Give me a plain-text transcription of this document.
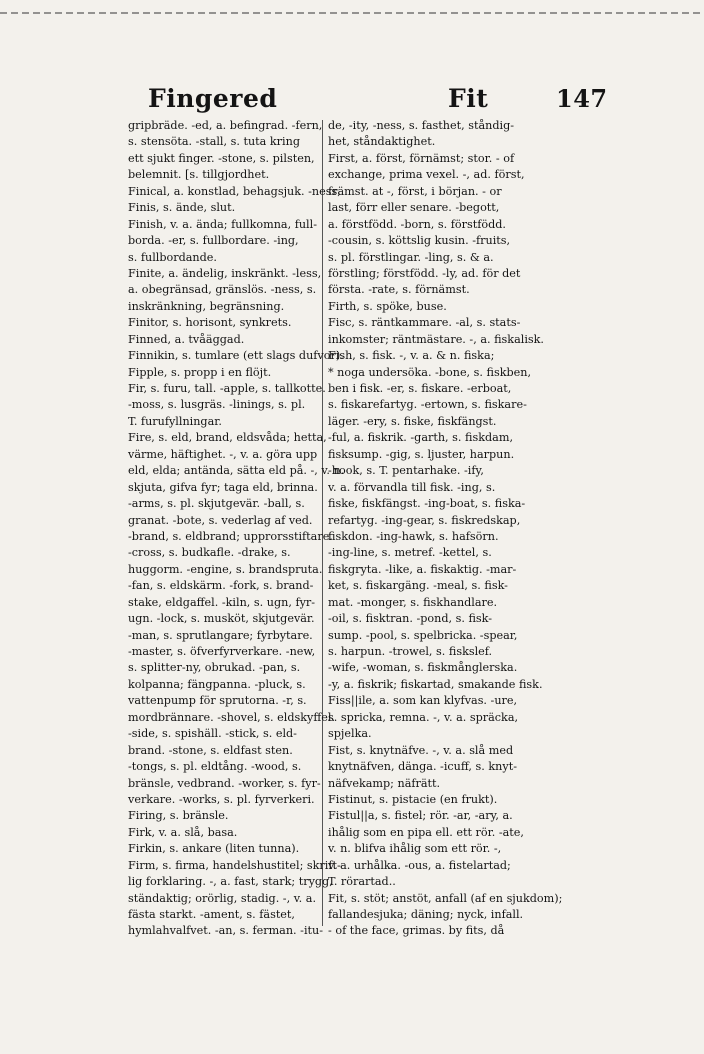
Fingered	Fit	147
gripbräde. -ed, a. befingrad. -fern,
s. stensöta. -stall, s. tuta kring
ett sjukt finger. -stone, s. pilsten,
belemnit. [s. tillgjordhet.
Finical, a. konstlad, behagsjuk. -ness,
Finis, s. ände, slut.
Finish, v. a. ända; fullkomna, full-
borda. -er, s. fullbordare. -ing,
s. fullbordande.
Finite, a. ändelig, inskränkt. -less,
a. obegränsad, gränslös. -ness, s.
inskränkning, begränsning.
Finitor, s. horisont, synkrets.
Finned, a. tvåäggad.
Finnikin, s. tumlare (ett slags dufvor).
Fipple, s. propp i en flöjt.
Fir, s. furu, tall. -apple, s. tallkotte.
-moss, s. lusgräs. -linings, s. pl.
T. furufyllningar.
Fire, s. eld, brand, eldsvåda; hetta,
värme, häftighet. -, v. a. göra upp
eld, elda; antända, sätta eld på. -, v. n.
skjuta, gifva fyr; taga eld, brinna.
-arms, s. pl. skjutgevär. -ball, s.
granat. -bote, s. vederlag af ved.
-brand, s. eldbrand; upprorsstiftare.
-cross, s. budkafle. -drake, s.
huggorm. -engine, s. brandspruta.
-fan, s. eldskärm. -fork, s. brand-
stake, eldgaffel. -kiln, s. ugn, fyr-
ugn. -lock, s. musköt, skjutgevär.
-man, s. sprutlangare; fyrbytare.
-master, s. öfverfyrverkare. -new,
s. splitter-ny, obrukad. -pan, s.
kolpanna; fängpanna. -pluck, s.
vattenpump för sprutorna. -r, s.
mordbrännare. -shovel, s. eldskyffel.
-side, s. spishäll. -stick, s. eld-
brand. -stone, s. eldfast sten.
-tongs, s. pl. eldtång. -wood, s.
bränsle, vedbrand. -worker, s. fyr-
verkare. -works, s. pl. fyrverkeri.
Firing, s. bränsle.
Firk, v. a. slå, basa.
Firkin, s. ankare (liten tunna).
Firm, s. firma, handelshustitel; skrift-
lig forklaring. -, a. fast, stark; trygg,
ständaktig; orörlig, stadig. -, v. a.
fästa starkt. -ament, s. fästet,
hymlahvalfvet. -an, s. ferman. -itu-
de, -ity, -ness, s. fasthet, ståndig-
het, ståndaktighet.
First, a. först, förnämst; stor. - of
exchange, prima vexel. -, ad. först,
främst. at -, först, i början. - or
last, förr eller senare. -begott,
a. förstfödd. -born, s. förstfödd.
-cousin, s. köttslig kusin. -fruits,
s. pl. förstlingar. -ling, s. & a.
förstling; förstfödd. -ly, ad. för det
första. -rate, s. förnämst.
Firth, s. spöke, buse.
Fisc, s. räntkammare. -al, s. stats-
inkomster; räntmästare. -, a. fiskalisk.
Fish, s. fisk. -, v. a. & n. fiska;
* noga undersöka. -bone, s. fiskben,
ben i fisk. -er, s. fiskare. -erboat,
s. fiskarefartyg. -ertown, s. fiskare-
läger. -ery, s. fiske, fiskfängst.
-ful, a. fiskrik. -garth, s. fiskdam,
fisksump. -gig, s. ljuster, harpun.
-hook, s. T. pentarhake. -ify,
v. a. förvandla till fisk. -ing, s.
fiske, fiskfängst. -ing-boat, s. fiska-
refartyg. -ing-gear, s. fiskredskap,
fiskdon. -ing-hawk, s. hafsörn.
-ing-line, s. metref. -kettel, s.
fiskgryta. -like, a. fiskaktig. -mar-
ket, s. fiskargäng. -meal, s. fisk-
mat. -monger, s. fiskhandlare.
-oil, s. fisktran. -pond, s. fisk-
sump. -pool, s. spelbricka. -spear,
s. harpun. -trowel, s. fiskslef.
-wife, -woman, s. fiskmånglerska.
-y, a. fiskrik; fiskartad, smakande fisk.
Fiss||ile, a. som kan klyfvas. -ure,
s. spricka, remna. -, v. a. spräcka,
spjelka.
Fist, s. knytnäfve. -, v. a. slå med
knytnäfven, dänga. -icuff, s. knyt-
näfvekamp; näfrätt.
Fistinut, s. pistacie (en frukt).
Fistul||a, s. fistel; rör. -ar, -ary, a.
ihålig som en pipa ell. ett rör. -ate,
v. n. blifva ihålig som ett rör. -,
v. a. urhålka. -ous, a. fistelartad;
T. rörartad..
Fit, s. stöt; anstöt, anfall (af en sjukdom);
fallandesjuka; däning; nyck, infall.
- of the face, grimas. by fits, då
